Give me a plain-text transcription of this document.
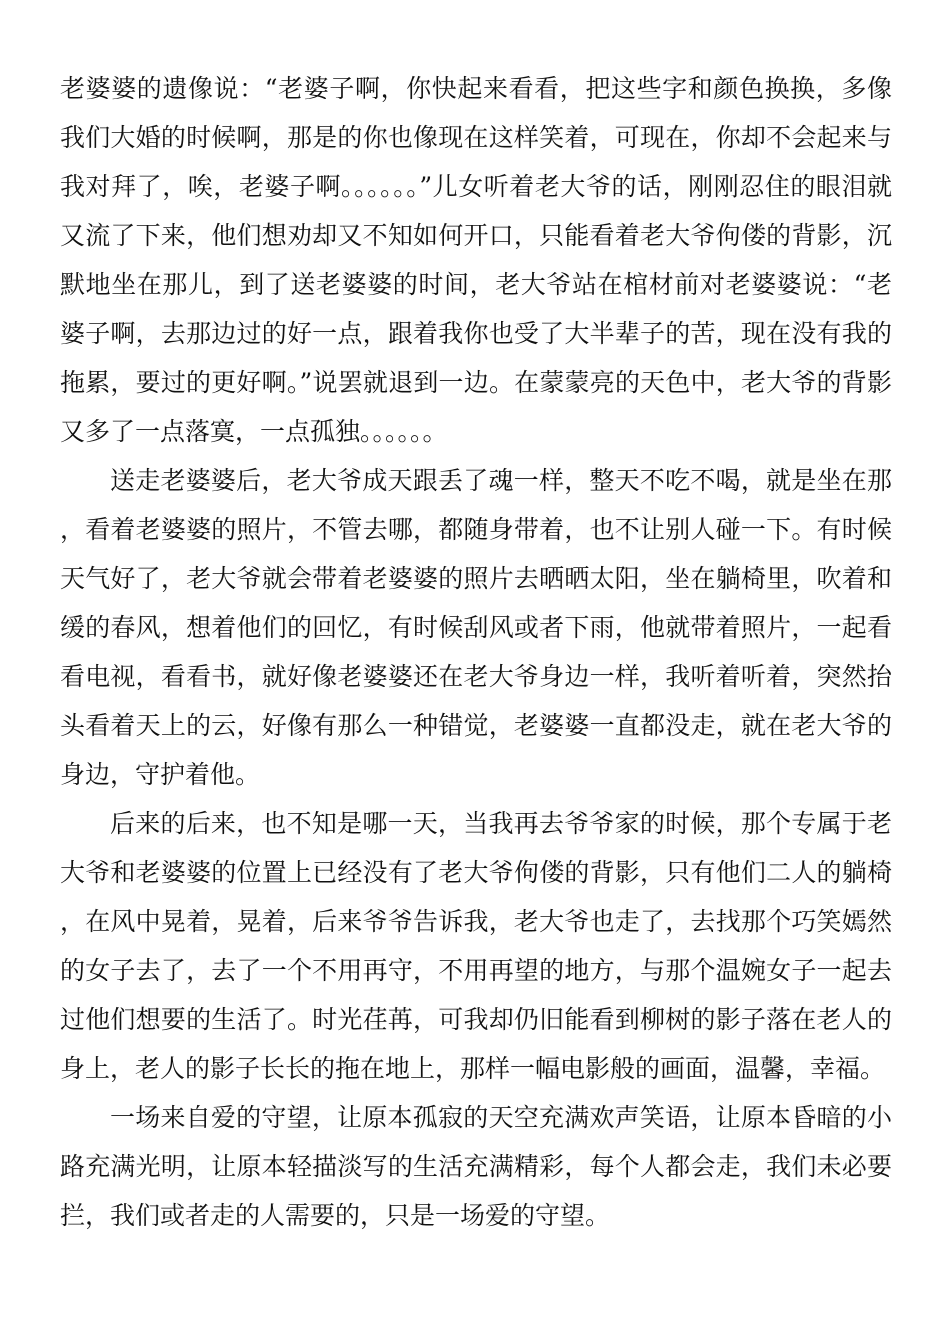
老婆婆的遗像说：“老婆子啊，你快起来看看，把这些字和颜色换换，多像我们大婚的时候啊，那是的你也像现在这样笑着，可现在，你却不会起来与我对拜了，唉，老婆子啊。。。。。。”儿女听着老大爷的话，刚刚忍住的眼泪就又流了下来，他们想劝却又不知如何开口，只能看着老大爷佝偻的背影，沉默地坐在那儿，到了送老婆婆的时间，老大爷站在棺材前对老婆婆说：“老婆子啊，去那边过的好一点，跟着我你也受了大半辈子的苦，现在没有我的拖累，要过的更好啊。”说罢就退到一边。在蒙蒙亮的天色中，老大爷的背影又多了一点落寞，一点孤独。。。。。。

送走老婆婆后，老大爷成天跟丢了魂一样，整天不吃不喝，就是坐在那，看着老婆婆的照片，不管去哪，都随身带着，也不让别人碰一下。有时候天气好了，老大爷就会带着老婆婆的照片去晒晒太阳，坐在躺椅里，吹着和缓的春风，想着他们的回忆，有时候刮风或者下雨，他就带着照片，一起看看电视，看看书，就好像老婆婆还在老大爷身边一样，我听着听着，突然抬头看着天上的云，好像有那么一种错觉，老婆婆一直都没走，就在老大爷的身边，守护着他。

后来的后来，也不知是哪一天，当我再去爷爷家的时候，那个专属于老大爷和老婆婆的位置上已经没有了老大爷佝偻的背影，只有他们二人的躺椅，在风中晃着，晃着，后来爷爷告诉我，老大爷也走了，去找那个巧笑嫣然的女子去了，去了一个不用再守，不用再望的地方，与那个温婉女子一起去过他们想要的生活了。时光荏苒，可我却仍旧能看到柳树的影子落在老人的身上，老人的影子长长的拖在地上，那样一幅电影般的画面，温馨，幸福。

一场来自爱的守望，让原本孤寂的天空充满欢声笑语，让原本昏暗的小路充满光明，让原本轻描淡写的生活充满精彩，每个人都会走，我们未必要拦，我们或者走的人需要的，只是一场爱的守望。
